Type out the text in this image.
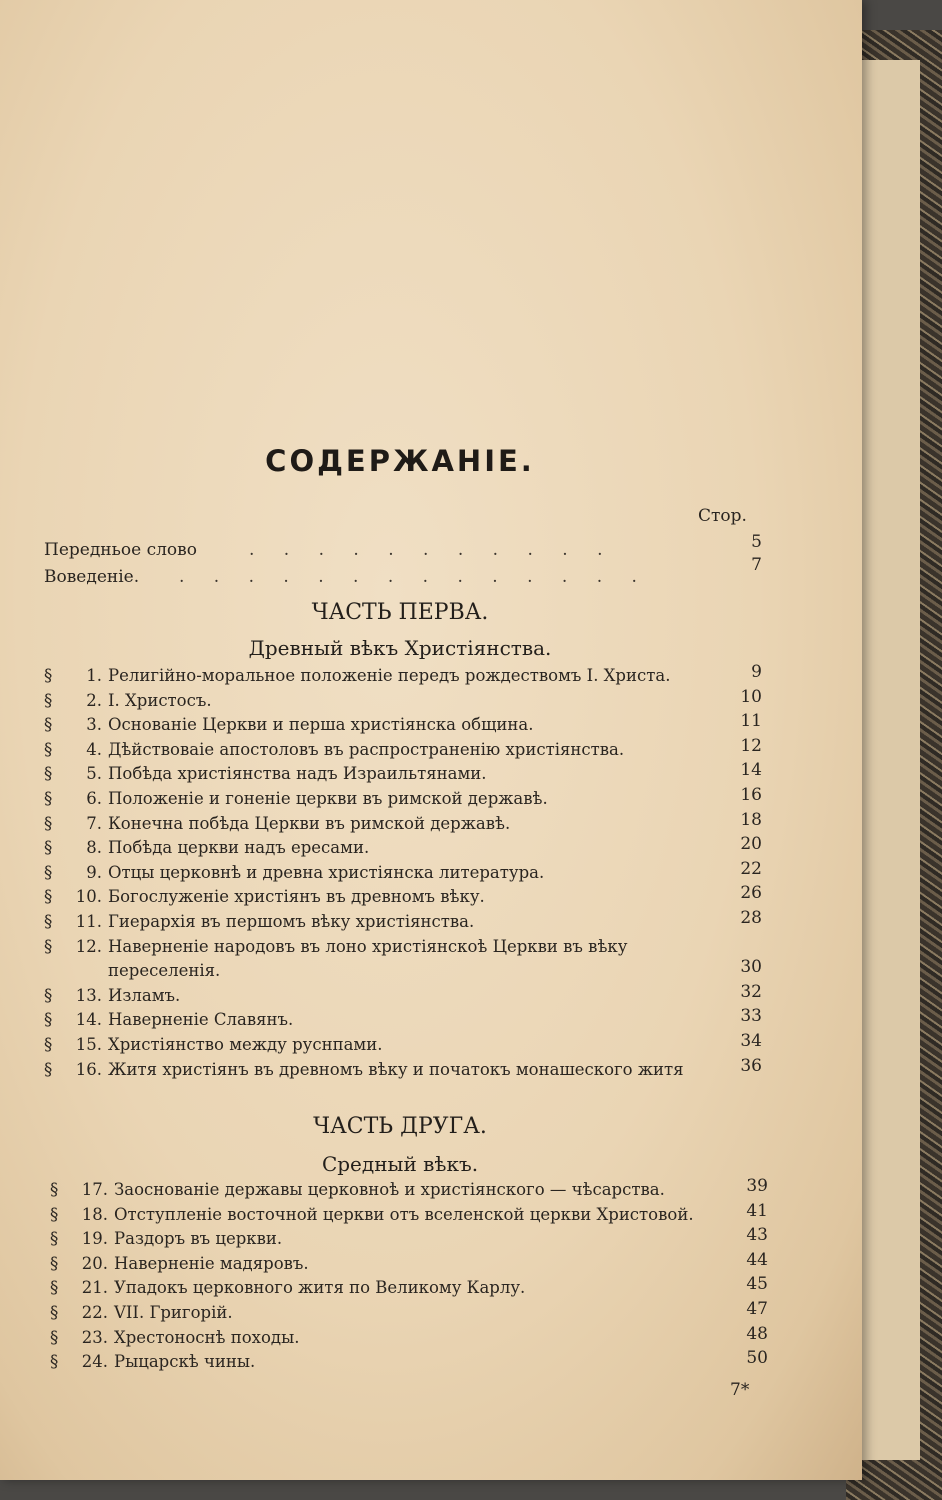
СОДЕРЖАНІЕ.
Стор.
Передньое слово	. . . . . . . . . . .	5
Воведеніе. . . . . . . . . . . . . . .
7
ЧАСТЬ ПЕРВА.
Древный вѣкъ Христіянства.
§ 1. Религійно-моральное положеніе передъ рождествомъ І. Христа.
§ 2. І. Христосъ.
§ 3. Основаніе Церкви и перша христіянска община.
§ 4. Дѣйствоваіе апостоловъ въ распространенію христіянства.
§ 5. Побѣда христіянства надъ Израильтянами.
§ 6. Положеніе и гоненіе церкви въ римской державѣ.
§ 7. Конечна побѣда Церкви въ римской державѣ.
§ 8. Побѣда церкви надъ ересами.
§ 9. Отцы церковнѣ и древна христіянска литература.
§ 10. Богослуженіе христіянъ въ древномъ вѣку.
§ 11. Гиерархія въ першомъ вѣку христіянства.
§ 12. Наверненіе народовъ въ лоно христіянскоѣ Церкви въ вѣку
переселенія.
§ 13. Изламъ.
§ 14. Наверненіе Славянъ.
§ 15. Христіянство между руснпами.
§ 16. Житя христіянъ въ древномъ вѣку и початокъ монашеского житя
9
10
11
12
14
16
18
20
22
26
28
30
32
33
34
36
ЧАСТЬ ДРУГА.
Средный вѣкъ.
§ 17. Заоснованіе державы церковноѣ и христіянского — чѣсарства.
§ 18. Отступленіе восточной церкви отъ вселенской церкви Христовой.
§ 19. Раздоръ въ церкви.
§ 20. Наверненіе мадяровъ.
§ 21. Упадокъ церковного житя по Великому Карлу.
§ 22. VII. Григорій.
§ 23. Хрестоноснѣ походы.
§ 24. Рыцарскѣ чины.
39
41
43
44
45
47
48
50
7*
